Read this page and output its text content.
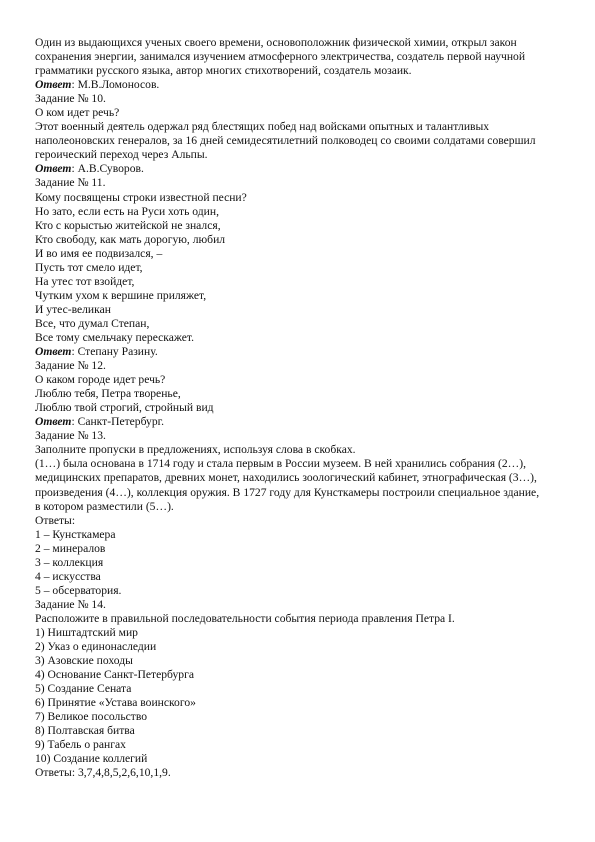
Один из выдающихся ученых своего времени, основоположник физической химии, открыл закон
сохранения энергии, занимался изучением атмосферного электричества, создатель первой научной
грамматики русского языка, автор многих стихотворений, создатель мозаик.
Ответ: М.В.Ломоносов.
Задание № 10.
О ком идет речь?
Этот военный деятель одержал ряд блестящих побед над войсками опытных и талантливых
наполеоновских генералов, за 16 дней семидесятилетний полководец со своими солдатами совершил
героический переход через Альпы.
Ответ: А.В.Суворов.
Задание № 11.
Кому посвящены строки известной песни?
Но зато, если есть на Руси хоть один,
Кто с корыстью житейской не знался,
Кто свободу, как мать дорогую, любил
И во имя ее подвизался, –
Пусть тот смело идет,
На утес тот взойдет,
Чутким ухом к вершине приляжет,
И утес-великан
Все, что думал Степан,
Все тому смельчаку перескажет.
Ответ: Степану Разину.
Задание № 12.
О каком городе идет речь?
Люблю тебя, Петра творенье,
Люблю твой строгий, стройный вид
Ответ: Санкт-Петербург.
Задание № 13.
Заполните пропуски в предложениях, используя слова в скобках.
(1…) была основана в 1714 году и стала первым в России музеем. В ней хранились собрания (2…),
медицинских препаратов, древних монет, находились зоологический кабинет, этнографическая (3…),
произведения (4…), коллекция оружия. В 1727 году для Кунсткамеры построили специальное здание,
в котором разместили (5…).
Ответы:
1 – Кунсткамера
2 – минералов
3 – коллекция
4 – искусства
5 – обсерватория.
Задание № 14.
Расположите в правильной последовательности события периода правления Петра I.
1) Ништадтский мир
2) Указ о единонаследии
3) Азовские походы
4) Основание Санкт-Петербурга
5) Создание Сената
6) Принятие «Устава воинского»
7) Великое посольство
8) Полтавская битва
9) Табель о рангах
10) Создание коллегий
Ответы: 3,7,4,8,5,2,6,10,1,9.
